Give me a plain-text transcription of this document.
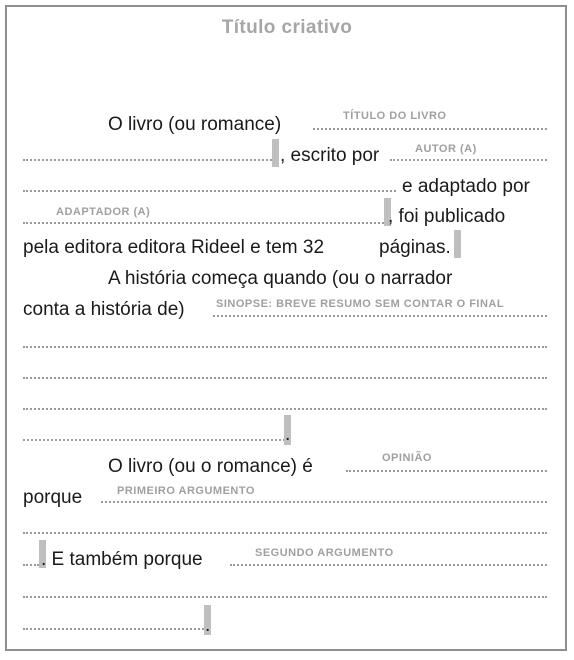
Título criativo
O livro (ou romance)	TÍTULO DO LIVRO
, escrito por	AUTOR (A)
e adaptado por
ADAPTADOR (A)	, foi publicado
pela editora editora Rideel e tem 32	páginas.
A história começa quando (ou o narrador
conta a história de)	SINOPSE: BREVE RESUMO SEM CONTAR O FINAL
.
O livro (ou o romance) é	OPINIÃO
porque	PRIMEIRO ARGUMENTO
. E também porque	SEGUNDO ARGUMENTO
.
